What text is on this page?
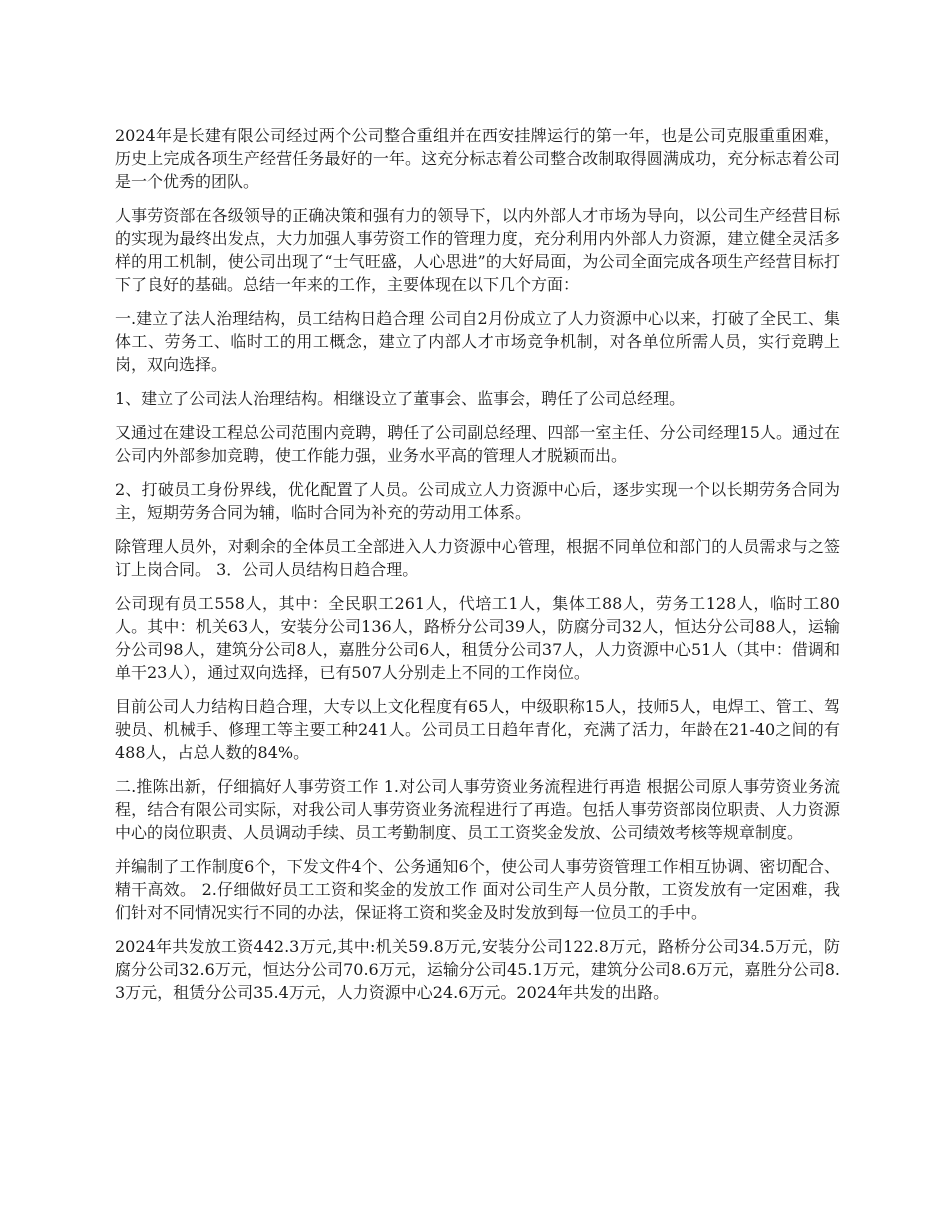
2024年是长建有限公司经过两个公司整合重组并在西安挂牌运行的第一年，也是公司克服重重困难，历史上完成各项生产经营任务最好的一年。这充分标志着公司整合改制取得圆满成功，充分标志着公司是一个优秀的团队。

人事劳资部在各级领导的正确决策和强有力的领导下，以内外部人才市场为导向，以公司生产经营目标的实现为最终出发点，大力加强人事劳资工作的管理力度，充分利用内外部人力资源，建立健全灵活多样的用工机制，使公司出现了“士气旺盛，人心思进”的大好局面，为公司全面完成各项生产经营目标打下了良好的基础。总结一年来的工作，主要体现在以下几个方面：

一.建立了法人治理结构，员工结构日趋合理 公司自2月份成立了人力资源中心以来，打破了全民工、集体工、劳务工、临时工的用工概念，建立了内部人才市场竞争机制，对各单位所需人员，实行竞聘上岗，双向选择。

1、建立了公司法人治理结构。相继设立了董事会、监事会，聘任了公司总经理。

又通过在建设工程总公司范围内竞聘，聘任了公司副总经理、四部一室主任、分公司经理15人。通过在公司内外部参加竞聘，使工作能力强，业务水平高的管理人才脱颖而出。

2、打破员工身份界线，优化配置了人员。公司成立人力资源中心后，逐步实现一个以长期劳务合同为主，短期劳务合同为辅，临时合同为补充的劳动用工体系。

除管理人员外，对剩余的全体员工全部进入人力资源中心管理，根据不同单位和部门的人员需求与之签订上岗合同。 3．公司人员结构日趋合理。

公司现有员工558人，其中：全民职工261人，代培工1人，集体工88人，劳务工128人，临时工80人。其中：机关63人，安装分公司136人，路桥分公司39人，防腐分司32人，恒达分公司88人，运输分公司98人，建筑分公司8人，嘉胜分公司6人，租赁分公司37人，人力资源中心51人（其中：借调和单干23人），通过双向选择，已有507人分别走上不同的工作岗位。

目前公司人力结构日趋合理，大专以上文化程度有65人，中级职称15人，技师5人，电焊工、管工、驾驶员、机械手、修理工等主要工种241人。公司员工日趋年青化，充满了活力，年龄在21-40之间的有488人，占总人数的84%。

二.推陈出新，仔细搞好人事劳资工作 1.对公司人事劳资业务流程进行再造 根据公司原人事劳资业务流程，结合有限公司实际，对我公司人事劳资业务流程进行了再造。包括人事劳资部岗位职责、人力资源中心的岗位职责、人员调动手续、员工考勤制度、员工工资奖金发放、公司绩效考核等规章制度。

并编制了工作制度6个，下发文件4个、公务通知6个，使公司人事劳资管理工作相互协调、密切配合、精干高效。 2.仔细做好员工工资和奖金的发放工作 面对公司生产人员分散，工资发放有一定困难，我们针对不同情况实行不同的办法，保证将工资和奖金及时发放到每一位员工的手中。

2024年共发放工资442.3万元,其中:机关59.8万元,安装分公司122.8万元，路桥分公司34.5万元，防腐分公司32.6万元，恒达分公司70.6万元，运输分公司45.1万元，建筑分公司8.6万元，嘉胜分公司8.3万元，租赁分公司35.4万元，人力资源中心24.6万元。2024年共发的出路。
